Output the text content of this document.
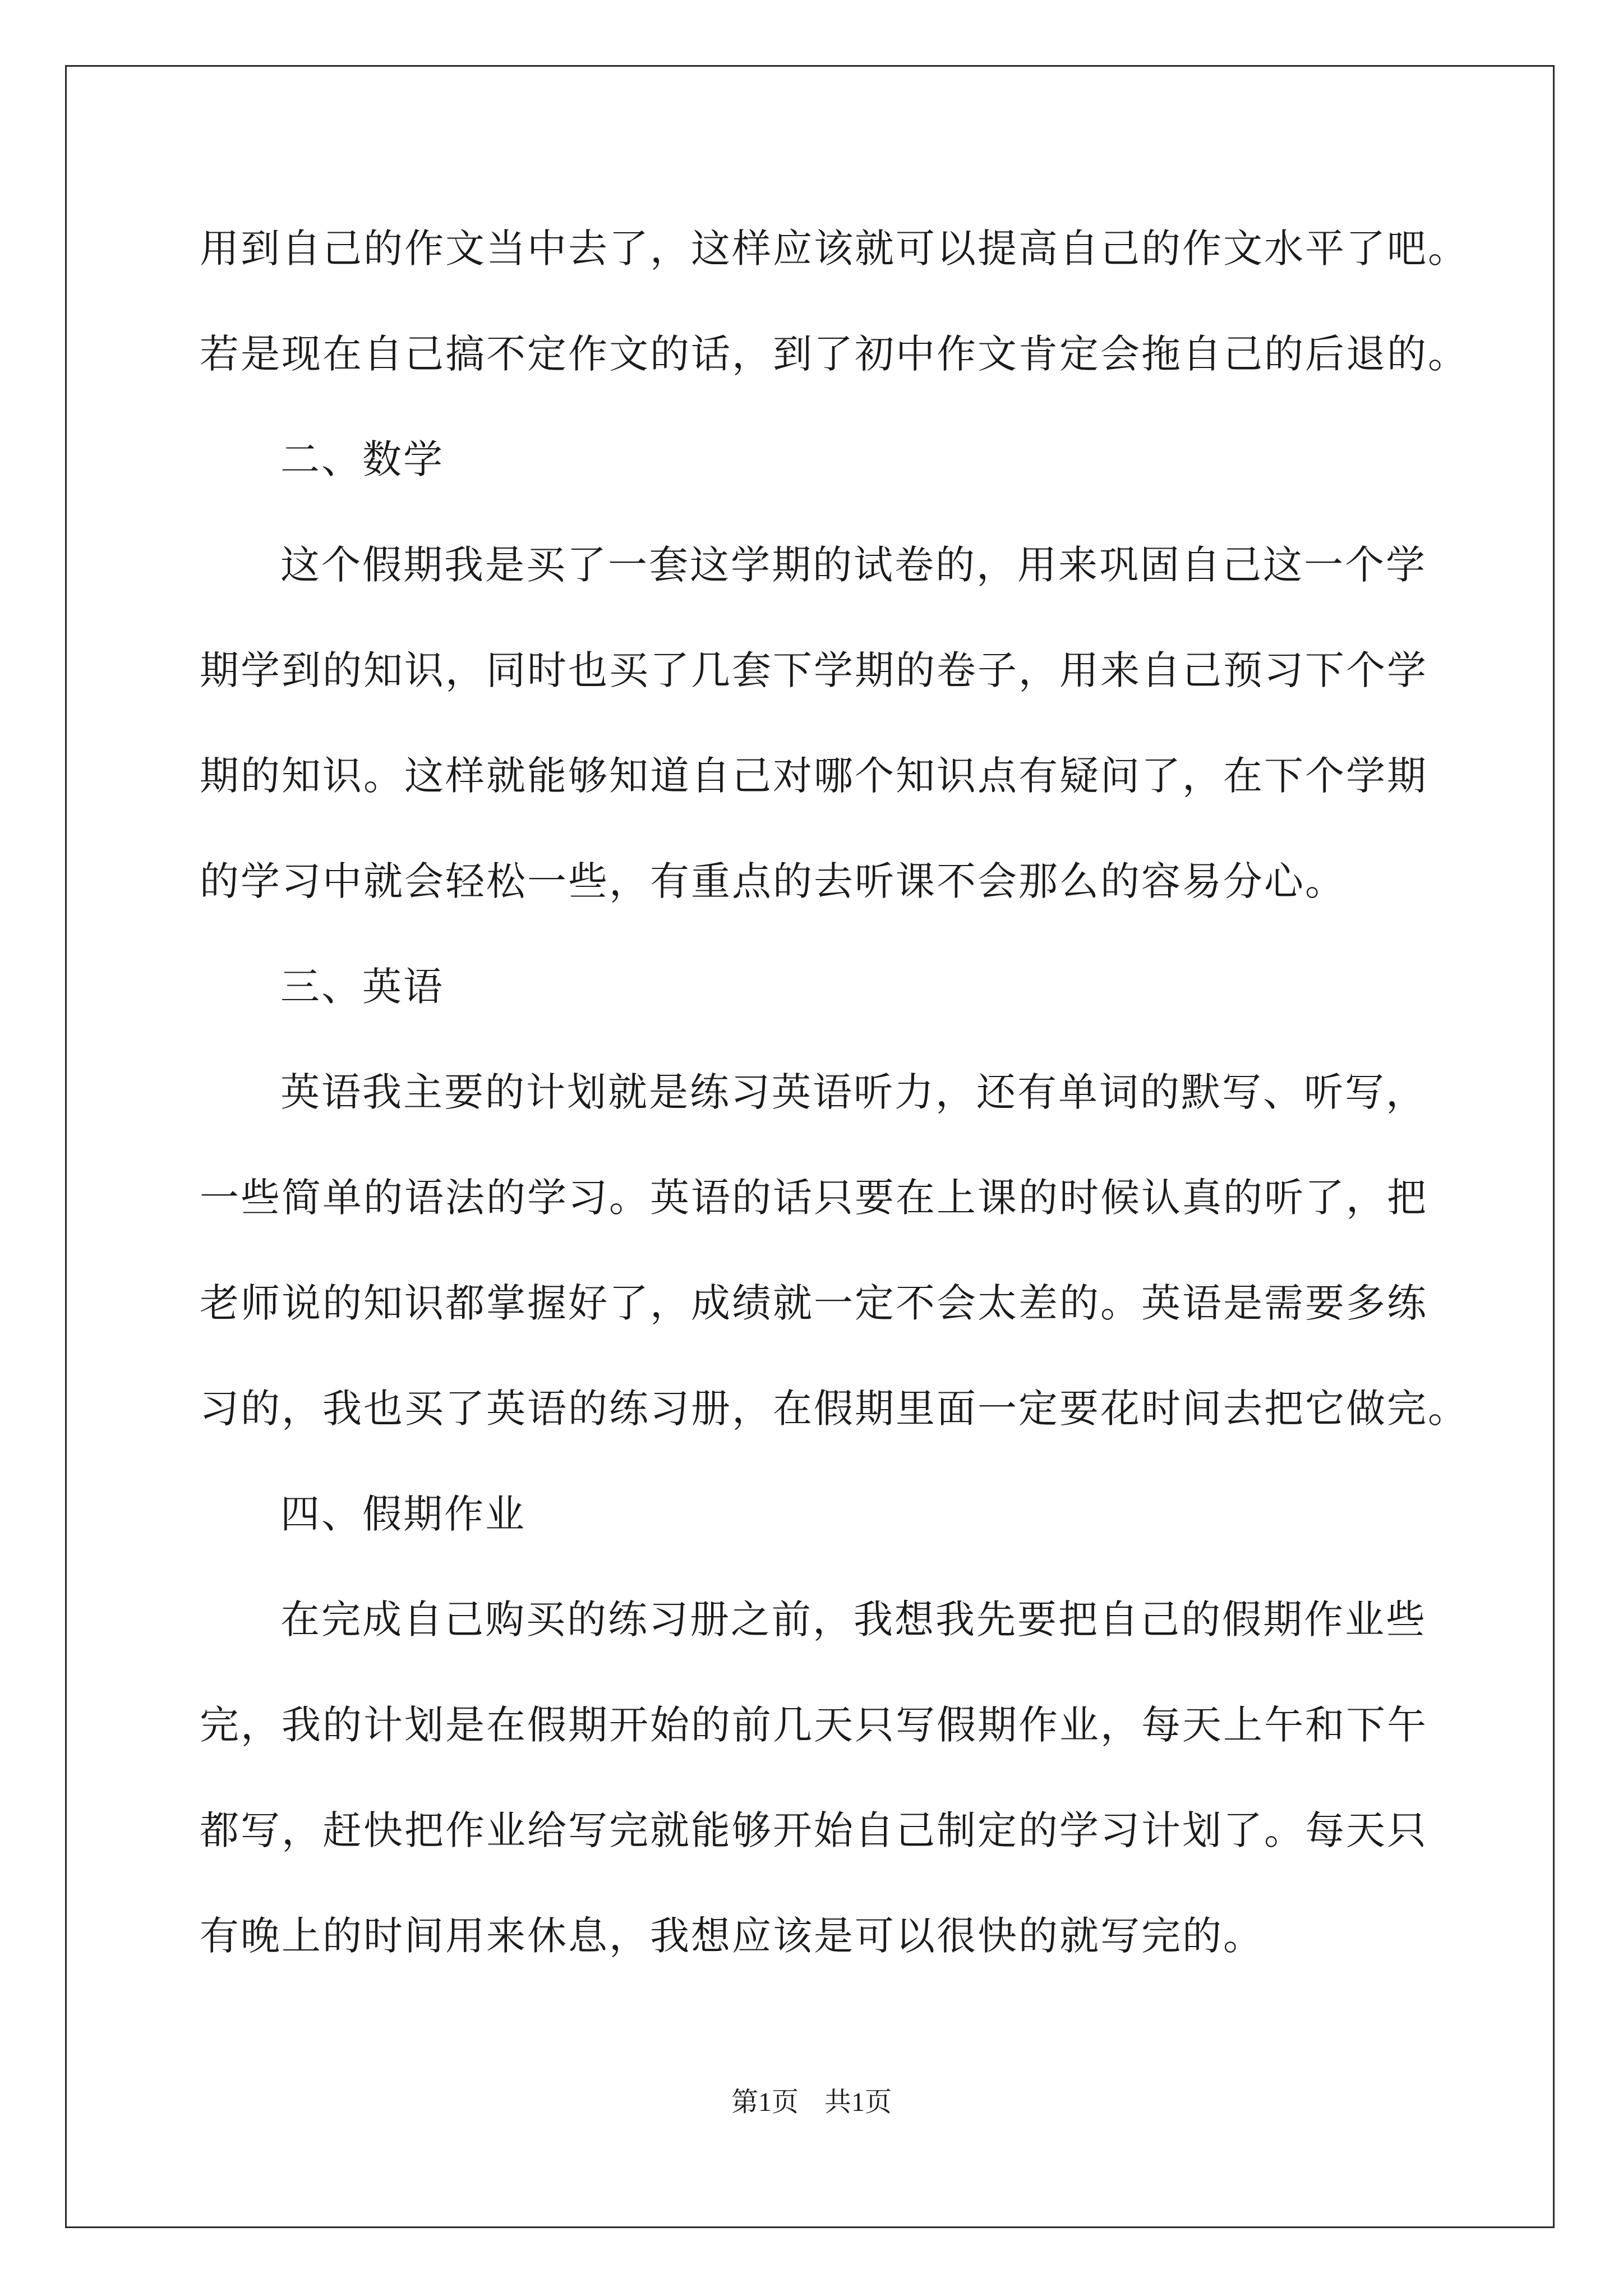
用到自己的作文当中去了，这样应该就可以提高自己的作文水平了吧。
若是现在自己搞不定作文的话，到了初中作文肯定会拖自己的后退的。
二、数学
这个假期我是买了一套这学期的试卷的，用来巩固自己这一个学
期学到的知识，同时也买了几套下学期的卷子，用来自己预习下个学
期的知识。这样就能够知道自己对哪个知识点有疑问了，在下个学期
的学习中就会轻松一些，有重点的去听课不会那么的容易分心。
三、英语
英语我主要的计划就是练习英语听力，还有单词的默写、听写，
一些简单的语法的学习。英语的话只要在上课的时候认真的听了，把
老师说的知识都掌握好了，成绩就一定不会太差的。英语是需要多练
习的，我也买了英语的练习册，在假期里面一定要花时间去把它做完。
四、假期作业
在完成自己购买的练习册之前，我想我先要把自己的假期作业些
完，我的计划是在假期开始的前几天只写假期作业，每天上午和下午
都写，赶快把作业给写完就能够开始自己制定的学习计划了。每天只
有晚上的时间用来休息，我想应该是可以很快的就写完的。
第1页 共1页
